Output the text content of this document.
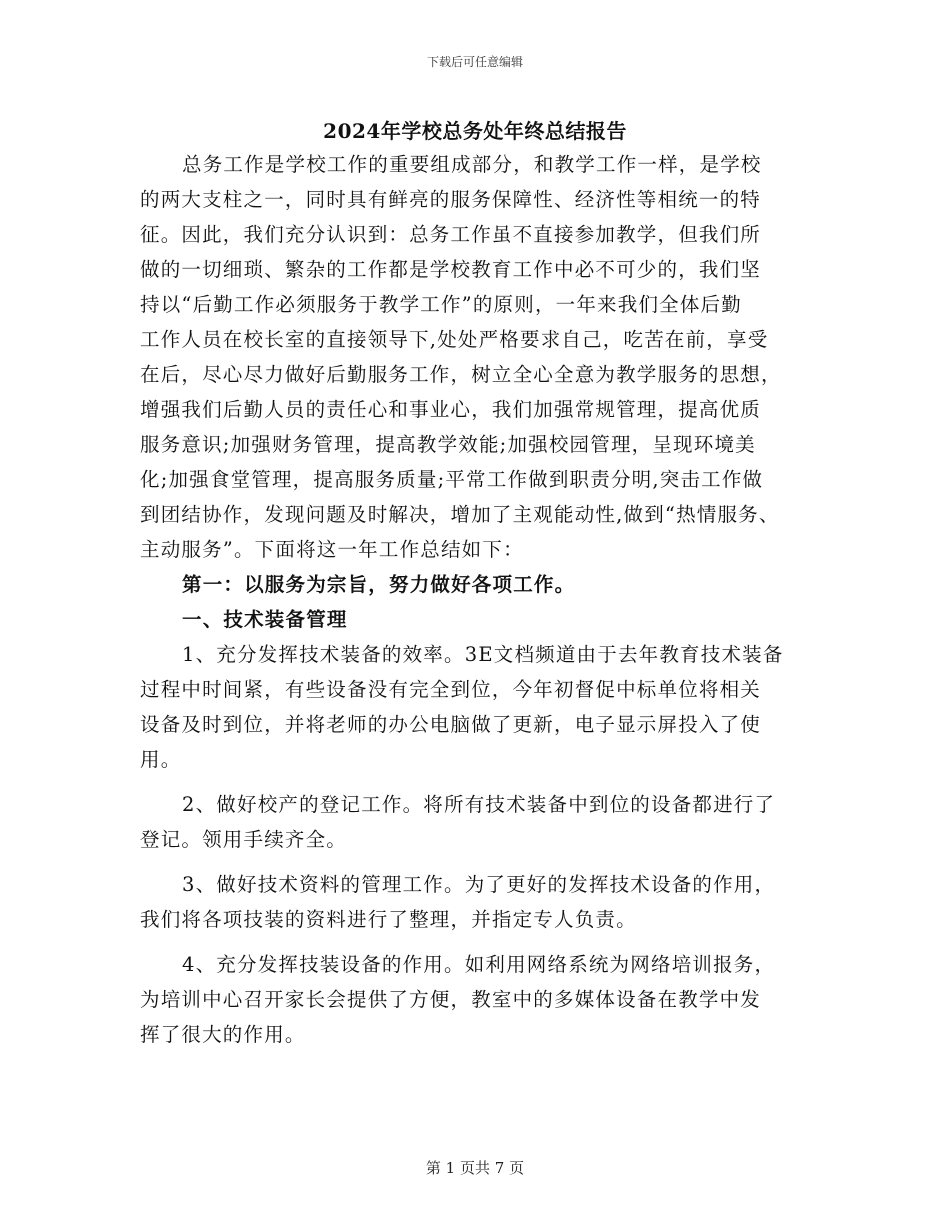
下载后可任意编辑
2024年学校总务处年终总结报告
总务工作是学校工作的重要组成部分，和教学工作一样，是学校
的两大支柱之一，同时具有鲜亮的服务保障性、经济性等相统一的特
征。因此，我们充分认识到：总务工作虽不直接参加教学，但我们所
做的一切细琐、繁杂的工作都是学校教育工作中必不可少的，我们坚
持以“后勤工作必须服务于教学工作”的原则，一年来我们全体后勤
工作人员在校长室的直接领导下,处处严格要求自己，吃苦在前，享受
在后，尽心尽力做好后勤服务工作，树立全心全意为教学服务的思想，
增强我们后勤人员的责任心和事业心，我们加强常规管理，提高优质
服务意识;加强财务管理，提高教学效能;加强校园管理，呈现环境美
化;加强食堂管理，提高服务质量;平常工作做到职责分明,突击工作做
到团结协作，发现问题及时解决，增加了主观能动性,做到“热情服务、
主动服务”。下面将这一年工作总结如下：
第一：以服务为宗旨，努力做好各项工作。
一、技术装备管理
1、充分发挥技术装备的效率。3E文档频道由于去年教育技术装备
过程中时间紧，有些设备没有完全到位，今年初督促中标单位将相关
设备及时到位，并将老师的办公电脑做了更新，电子显示屏投入了使
用。
2、做好校产的登记工作。将所有技术装备中到位的设备都进行了
登记。领用手续齐全。
3、做好技术资料的管理工作。为了更好的发挥技术设备的作用，
我们将各项技装的资料进行了整理，并指定专人负责。
4、充分发挥技装设备的作用。如利用网络系统为网络培训报务，
为培训中心召开家长会提供了方便，教室中的多媒体设备在教学中发
挥了很大的作用。
第 1 页共 7 页
